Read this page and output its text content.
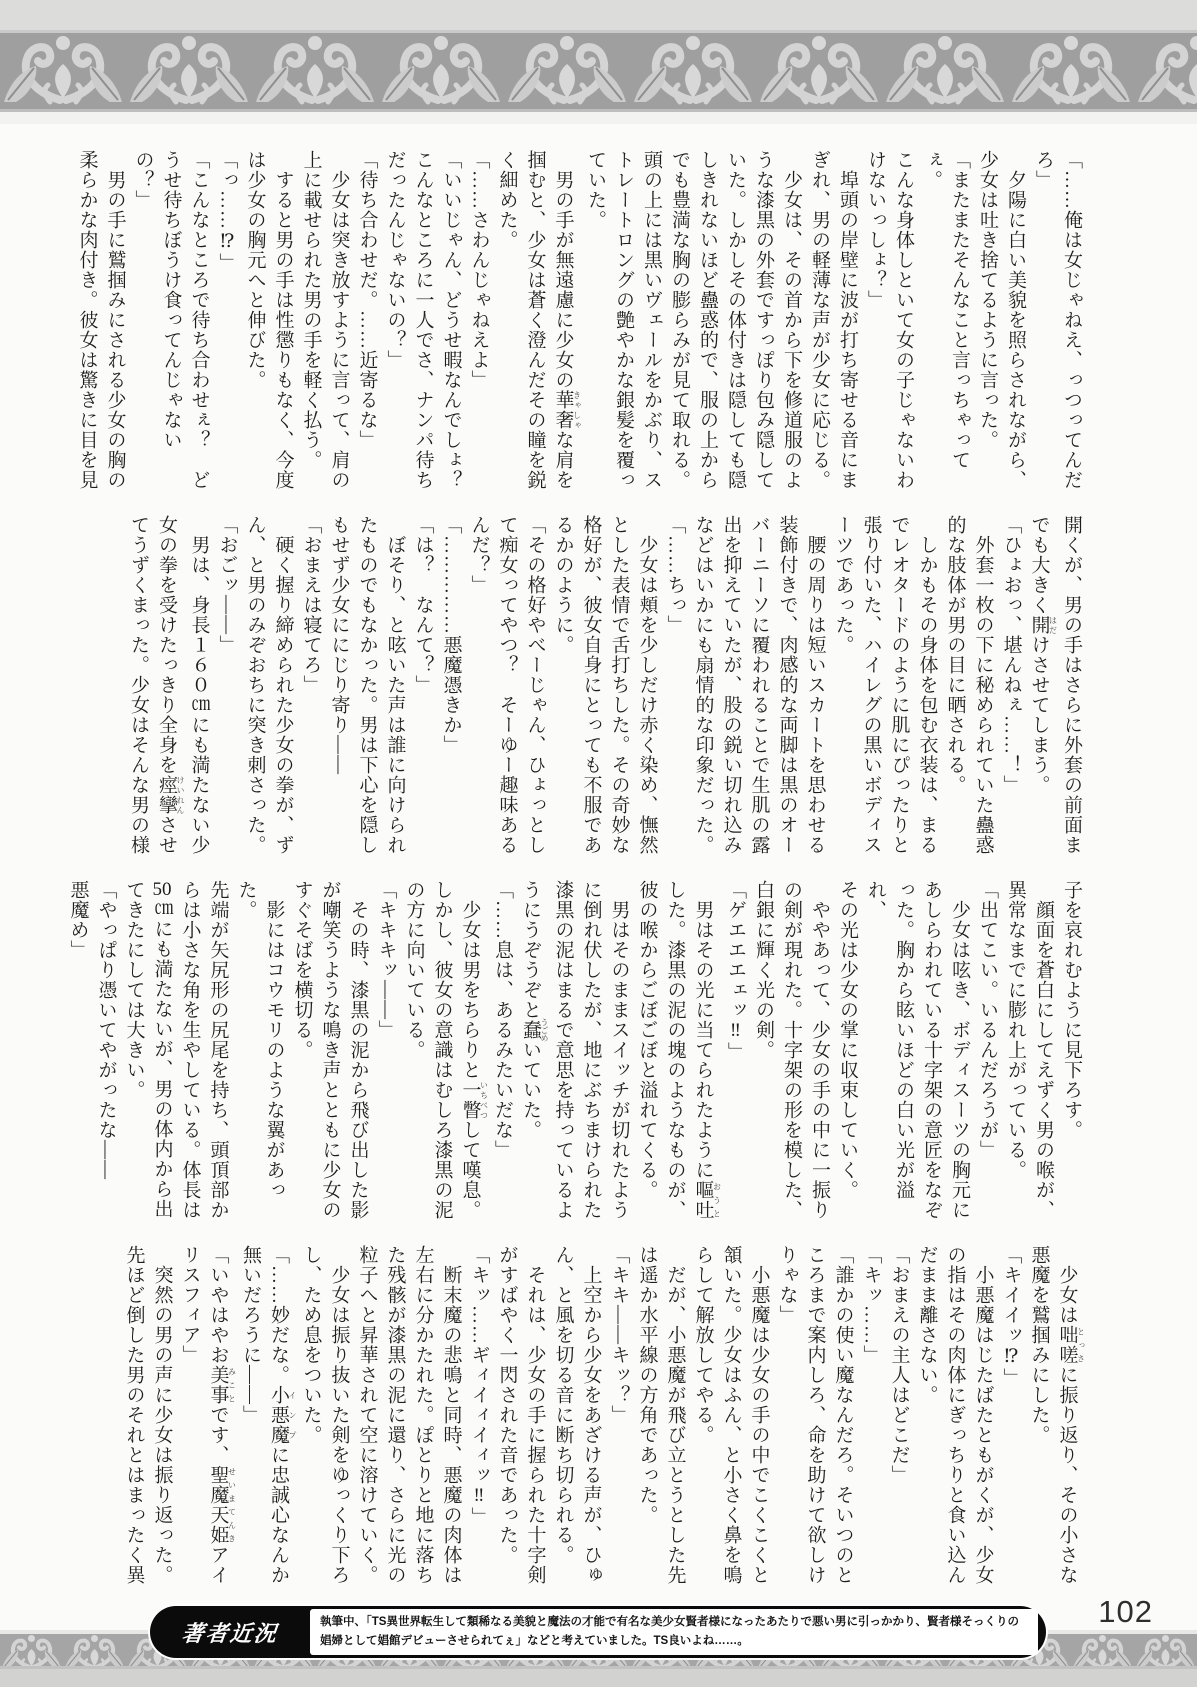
「……俺は女じゃねえ、っつってんだ
ろ」
　夕陽に白い美貌を照らされながら、
少女は吐き捨てるように言った。
「またまたそんなこと言っちゃってぇ。
こんな身体しといて女の子じゃないわ
けないっしょ？」
　埠頭の岸壁に波が打ち寄せる音にま
ぎれ、男の軽薄な声が少女に応じる。
　少女は、その首から下を修道服のよ
うな漆黒の外套ですっぽり包み隠して
いた。しかしその体付きは隠しても隠
しきれないほど蠱惑的で、服の上から
でも豊満な胸の膨らみが見て取れる。
頭の上には黒いヴェールをかぶり、ス
トレートロングの艶やかな銀髪を覆っ
ていた。
　男の手が無遠慮に少女の華奢 きゃしゃな肩を
掴むと、少女は蒼く澄んだその瞳を鋭
く細めた。
「……さわんじゃねえよ」
「いいじゃん、どうせ暇なんでしょ？
こんなところに一人でさ、ナンパ待ち
だったんじゃないの？」
「待ち合わせだ。……近寄るな」
　少女は突き放すように言って、肩の
上に載せられた男の手を軽く払う。
　すると男の手は性懲りもなく、今度
は少女の胸元へと伸びた。
「っ……⁉」
「こんなところで待ち合わせぇ？　ど
うせ待ちぼうけ食ってんじゃないの？」
　男の手に鷲掴みにされる少女の胸の
柔らかな肉付き。彼女は驚きに目を見
開くが、男の手はさらに外套の前面ま
でも大きく開 はだけさせてしまう。
「ひょおっ、堪んねぇ……！」
　外套一枚の下に秘められていた蠱惑
的な肢体が男の目に晒される。
　しかもその身体を包む衣装は、まる
でレオタードのように肌にぴったりと
張り付いた、ハイレグの黒いボディス
ーツであった。
　腰の周りは短いスカートを思わせる
装飾付きで、肉感的な両脚は黒のオー
バーニーソに覆われることで生肌の露
出を抑えていたが、股の鋭い切れ込み
などはいかにも扇情的な印象だった。
「……ちっ」
　少女は頬を少しだけ赤く染め、憮然
とした表情で舌打ちした。その奇妙な
格好が、彼女自身にとっても不服であ
るかのように。
「その格好やべーじゃん、ひょっとし
て痴女ってやつ？　そーゆー趣味ある
んだ？」
「……………悪魔憑きか」
「は？　なんて？」
　ぼそり、と呟いた声は誰に向けられ
たものでもなかった。男は下心を隠し
もせず少女ににじり寄り――
「おまえは寝てろ」
　硬く握り締められた少女の拳が、ず
ん、と男のみぞおちに突き刺さった。
「おごッ――」
　男は、身長１６０㎝にも満たない少
女の拳を受けたっきり全身を痙攣 けいれんさせ
てうずくまった。少女はそんな男の様
子を哀れむように見下ろす。
　顔面を蒼白にしてえずく男の喉が、
異常なまでに膨れ上がっている。
「出てこい。いるんだろうが」
　少女は呟き、ボディスーツの胸元に
あしらわれている十字架の意匠をなぞ
った。胸から眩いほどの白い光が溢れ、
その光は少女の掌に収束していく。
　ややあって、少女の手の中に一振り
の剣が現れた。十字架の形を模した、
白銀に輝く光の剣。
「ゲエエエェッ‼」
　男はその光に当てられたように嘔吐 おうと
した。漆黒の泥の塊のようなものが、
彼の喉からごぼごぼと溢れてくる。
　男はそのままスイッチが切れたよう
に倒れ伏したが、地にぶちまけられた
漆黒の泥はまるで意思を持っているよ
うにうぞうぞと蠢 うごめいていた。
「……息は、あるみたいだな」
　少女は男をちらりと一瞥 いちべつして嘆息。
しかし、彼女の意識はむしろ漆黒の泥
の方に向いている。
「キキキッ――」
　その時、漆黒の泥から飛び出した影
が嘲笑うような鳴き声とともに少女の
すぐそばを横切る。
　影にはコウモリのような翼があった。
先端が矢尻形の尻尾を持ち、頭頂部か
らは小さな角を生やしている。体長は
50㎝にも満たないが、男の体内から出
てきたにしては大きい。
「やっぱり憑いてやがったな――
悪魔め」
　少女は咄嗟 とっさに振り返り、その小さな
悪魔を鷲掴みにした。
「キイイッ⁉」
　小悪魔はじたばたともがくが、少女
の指はその肉体にぎっちりと食い込ん
だまま離さない。
「おまえの主人はどこだ」
「キッ……」
「誰かの使い魔なんだろ。そいつのと
ころまで案内しろ、命を助けて欲しけ
りゃな」
　小悪魔は少女の手の中でこくこくと
頷いた。少女はふん、と小さく鼻を鳴
らして解放してやる。
　だが、小悪魔が飛び立とうとした先
は遥か水平線の方角であった。
「キキ――キッ？」
　上空から少女をあざける声が、ひゅ
ん、と風を切る音に断ち切られる。
　それは、少女の手に握られた十字剣
がすばやく一閃された音であった。
「キッ……ギィイィイィッ‼」
　断末魔の悲鳴と同時、悪魔の肉体は
左右に分かたれた。ぽとりと地に落ち
た残骸が漆黒の泥に還り、さらに光の
粒子へと昇華されて空に溶けていく。
　少女は振り抜いた剣をゆっくり下ろ
し、ため息をついた。
「……妙だな。小悪魔 インプに忠誠心なんか
無いだろうに――」
「いやはやお美事 みことです、聖魔天姫 せいまてんきアイ
リスフィア」
　突然の男の声に少女は振り返った。
先ほど倒した男のそれとはまったく異
102
著者近況	執筆中、「TS異世界転生して類稀なる美貌と魔法の才能で有名な美少女賢者様になったあたりで悪い男に引っかかり、賢者様そっくりの娼婦として娼館デビューさせられてぇ」などと考えていました。TS良いよね……。
